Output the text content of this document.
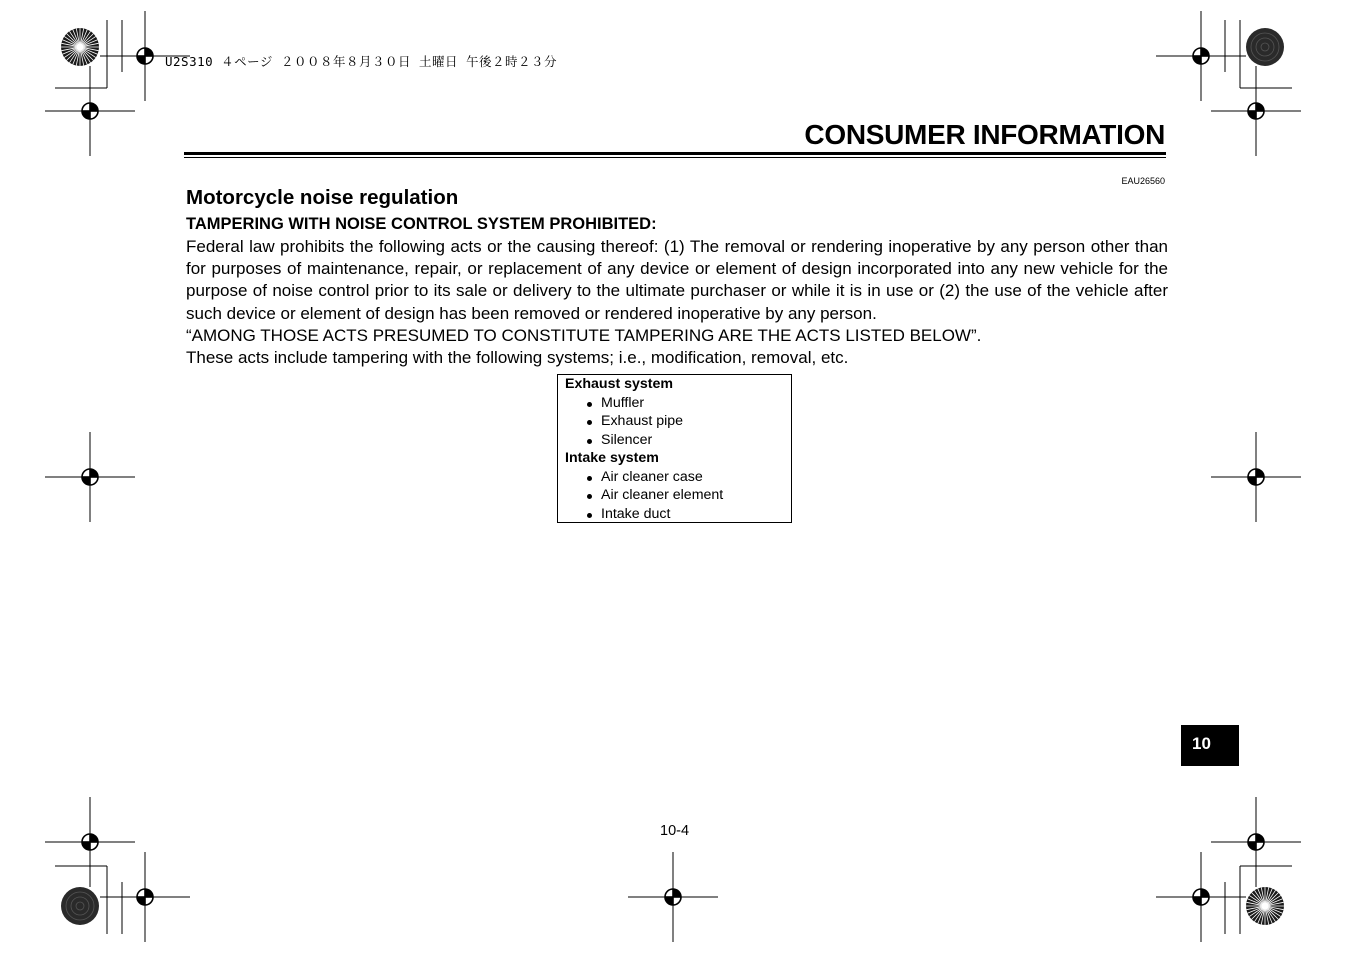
U2S310 ４ページ ２００８年８月３０日 土曜日 午後２時２３分
CONSUMER INFORMATION
EAU26560
Motorcycle noise regulation
TAMPERING WITH NOISE CONTROL SYSTEM PROHIBITED:

Federal law prohibits the following acts or the causing thereof: (1) The removal or rendering inoperative by any person other than for purposes of maintenance, repair, or replacement of any device or element of design incorporated into any new vehicle for the purpose of noise control prior to its sale or delivery to the ultimate purchaser or while it is in use or (2) the use of the vehicle after such device or element of design has been removed or rendered inoperative by any person.

“AMONG THOSE ACTS PRESUMED TO CONSTITUTE TAMPERING ARE THE ACTS LISTED BELOW”.

These acts include tampering with the following systems; i.e., modification, removal, etc.

Exhaust system
Muffler
Exhaust pipe
Silencer
Intake system
Air cleaner case
Air cleaner element
Intake duct
10
10-4
